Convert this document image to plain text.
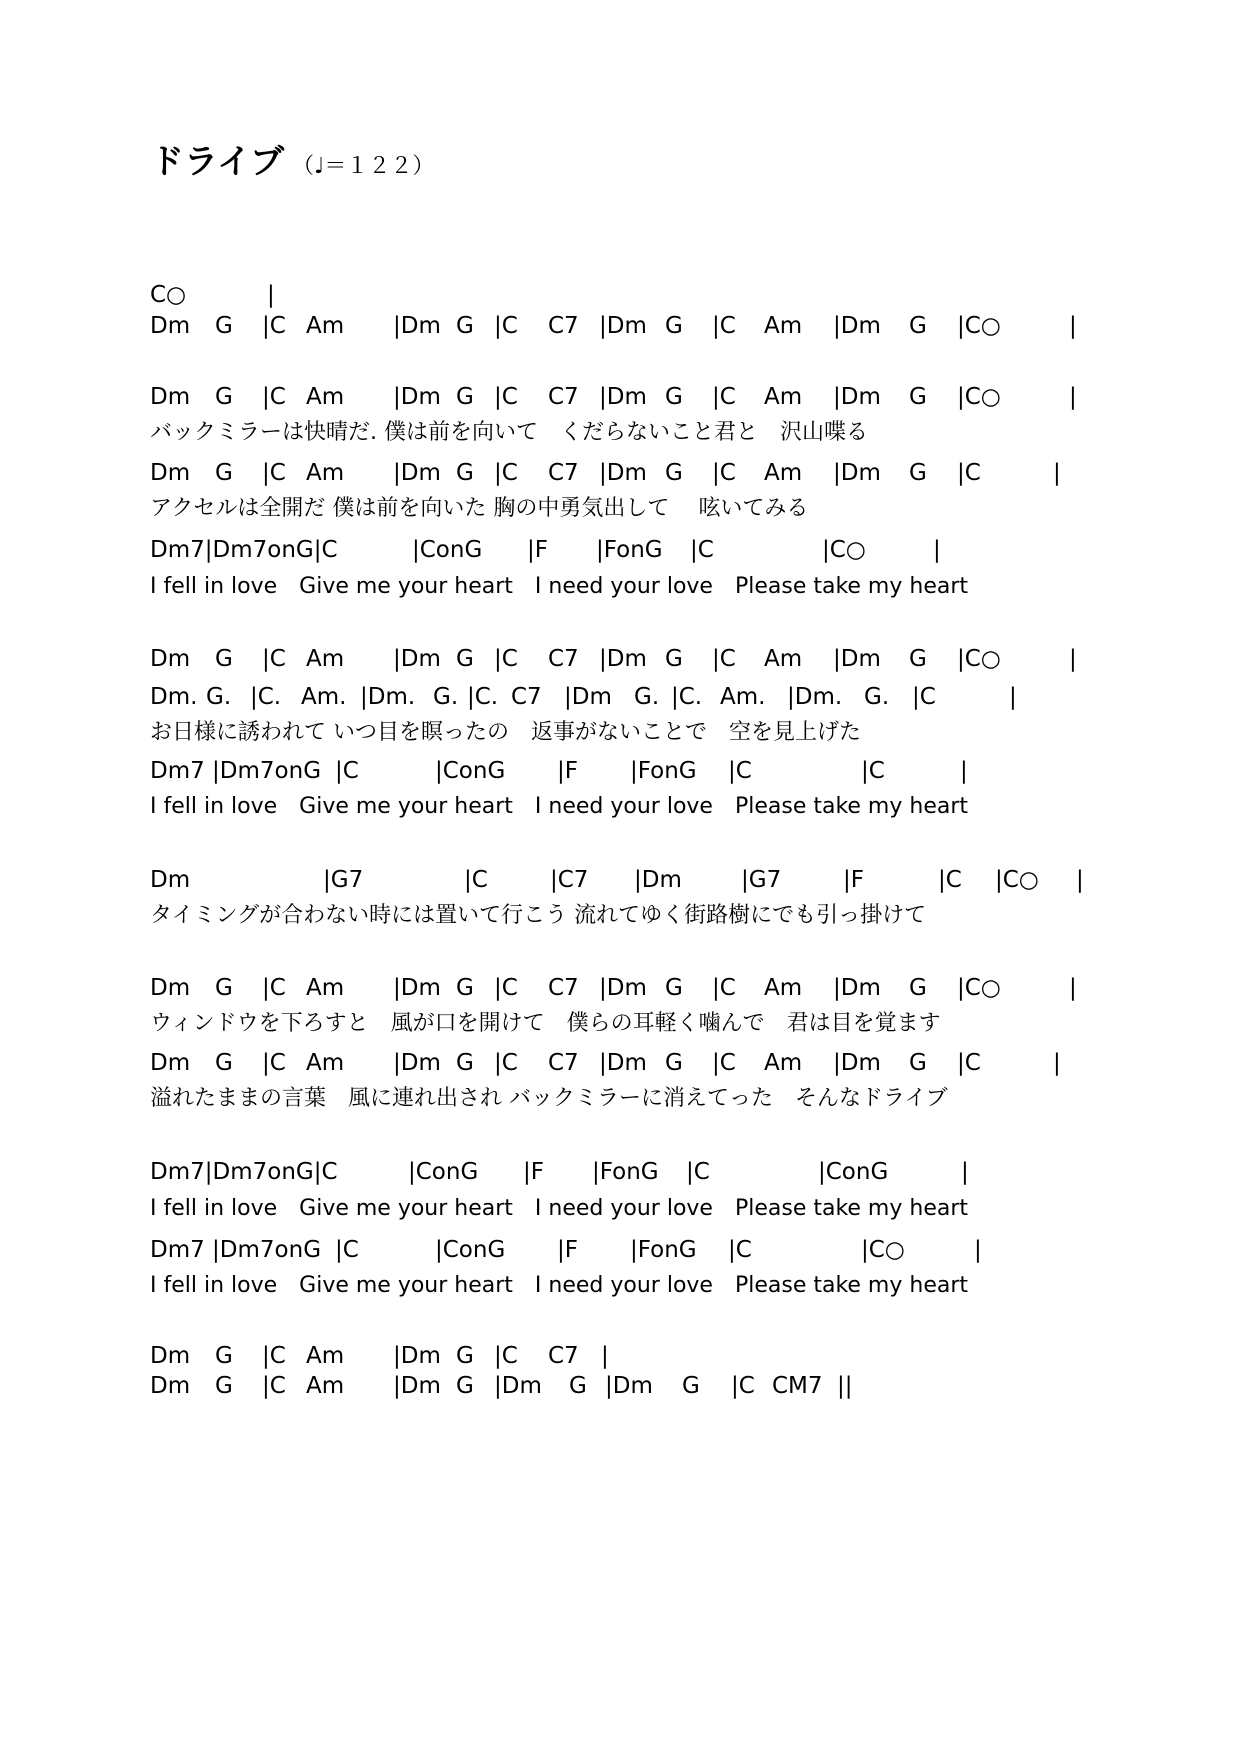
ドライブ （♩＝１２２）
C○	|
Dm G |C Am |Dm G |C C7 |Dm G |C Am |Dm G |C○	|
Dm G |C Am |Dm G |C C7 |Dm G |C Am |Dm G |C○	|
バックミラーは快晴だ. 僕は前を向いて　くだらないこと君と　沢山喋る
Dm G |C Am |Dm G |C C7 |Dm G |C Am |Dm G |C	|
アクセルは全開だ 僕は前を向いた 胸の中勇気出して　 呟いてみる
Dm7|Dm7onG|C	|ConG |F |FonG |C	|C○	|
I fell in love　Give me your heart　I need your love　Please take my heart
Dm G |C Am |Dm G |C C7 |Dm G |C Am |Dm G |C○	|
Dm. G. |C. Am. |Dm. G. |C. C7 |Dm G. |C. Am. |Dm. G. |C	|
お日様に誘われて いつ目を瞑ったの　返事がないことで　空を見上げた
Dm7 |Dm7onG |C	|ConG |F |FonG |C	|C	|
I fell in love　Give me your heart　I need your love　Please take my heart
Dm	|G7	|C	|C7 |Dm	|G7	|F	|C |C○ |
タイミングが合わない時には置いて行こう 流れてゆく街路樹にでも引っ掛けて
Dm G |C Am |Dm G |C C7 |Dm G |C Am |Dm G |C○	|
ウィンドウを下ろすと　風が口を開けて　僕らの耳軽く噛んで　君は目を覚ます
Dm G |C Am |Dm G |C C7 |Dm G |C Am |Dm G |C	|
溢れたままの言葉　風に連れ出され バックミラーに消えてった　そんなドライブ
Dm7|Dm7onG|C	|ConG |F |FonG |C	|ConG	|
I fell in love　Give me your heart　I need your love　Please take my heart
Dm7 |Dm7onG |C	|ConG |F |FonG |C	|C○	|
I fell in love　Give me your heart　I need your love　Please take my heart
Dm G |C Am |Dm G |C C7 |
Dm G |C Am |Dm G |Dm G |Dm G |C CM7 ||
